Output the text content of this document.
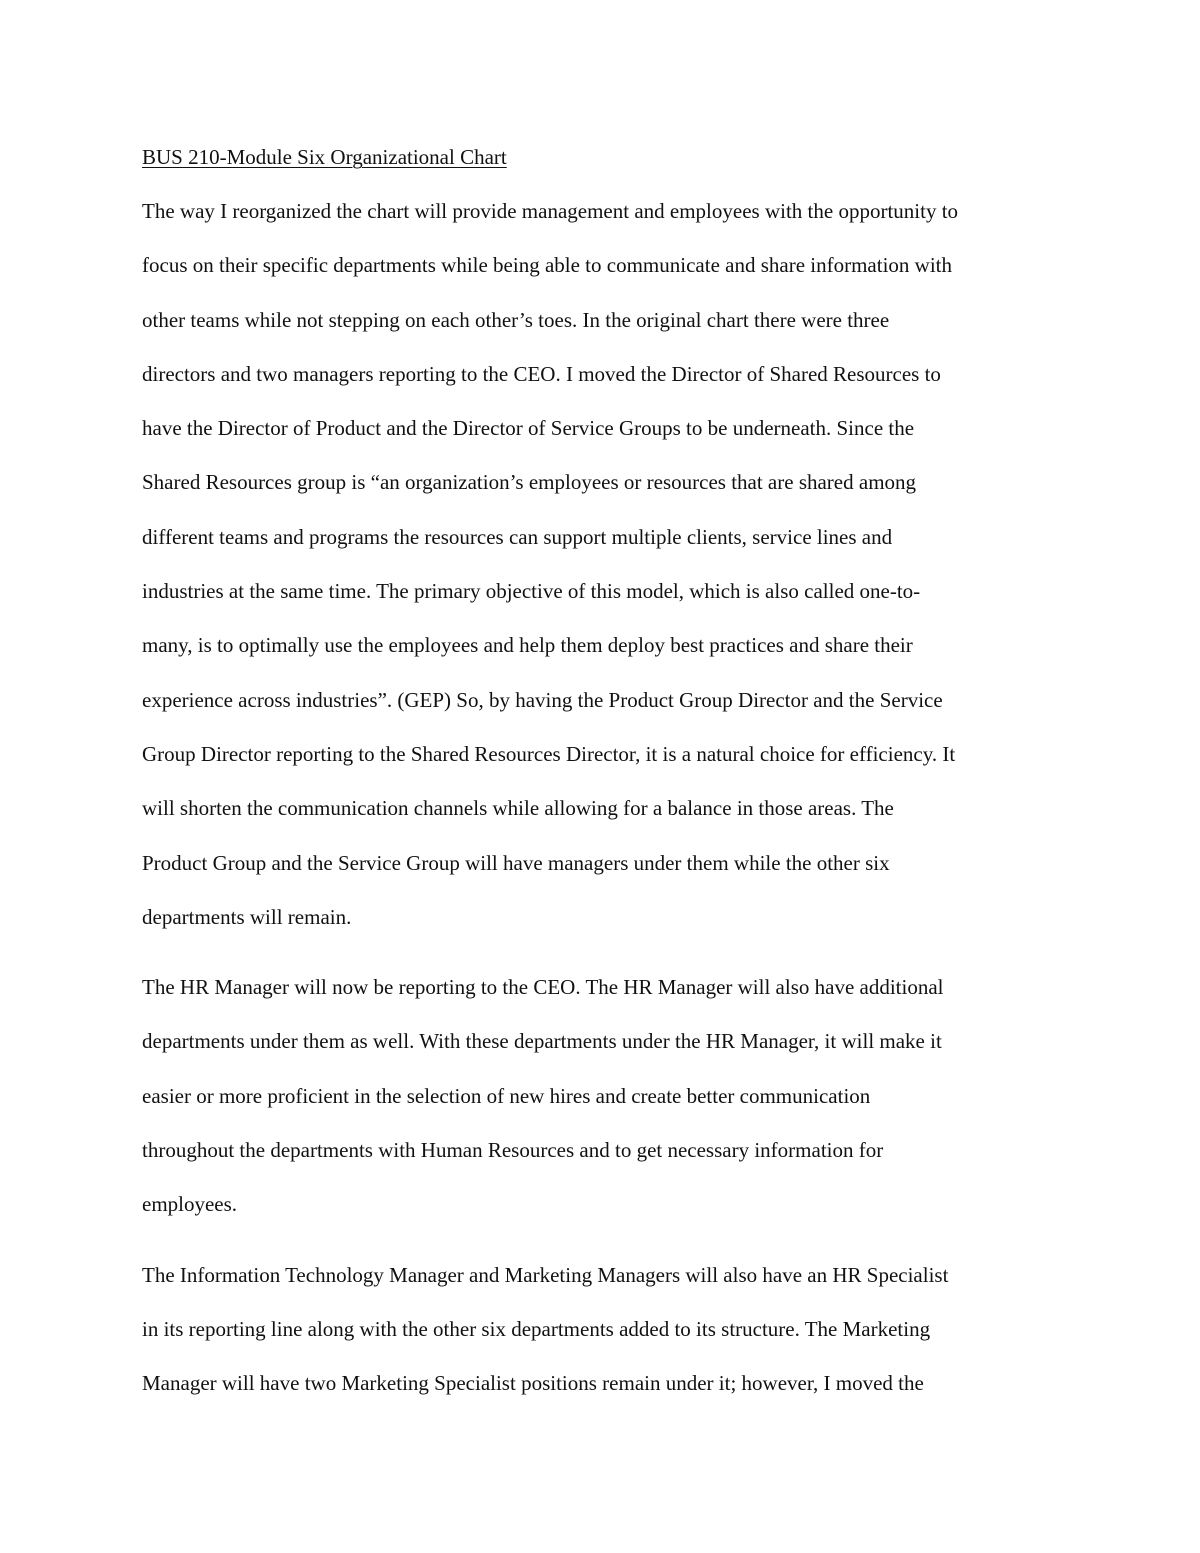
BUS 210-Module Six Organizational Chart
The way I reorganized the chart will provide management and employees with the opportunity to
focus on their specific departments while being able to communicate and share information with
other teams while not stepping on each other’s toes. In the original chart there were three
directors and two managers reporting to the CEO. I moved the Director of Shared Resources to
have the Director of Product and the Director of Service Groups to be underneath. Since the
Shared Resources group is “an organization’s employees or resources that are shared among
different teams and programs the resources can support multiple clients, service lines and
industries at the same time. The primary objective of this model, which is also called one-to-
many, is to optimally use the employees and help them deploy best practices and share their
experience across industries”. (GEP) So, by having the Product Group Director and the Service
Group Director reporting to the Shared Resources Director, it is a natural choice for efficiency. It
will shorten the communication channels while allowing for a balance in those areas. The
Product Group and the Service Group will have managers under them while the other six
departments will remain.
The HR Manager will now be reporting to the CEO. The HR Manager will also have additional
departments under them as well. With these departments under the HR Manager, it will make it
easier or more proficient in the selection of new hires and create better communication
throughout the departments with Human Resources and to get necessary information for
employees.
The Information Technology Manager and Marketing Managers will also have an HR Specialist
in its reporting line along with the other six departments added to its structure. The Marketing
Manager will have two Marketing Specialist positions remain under it; however, I moved the
